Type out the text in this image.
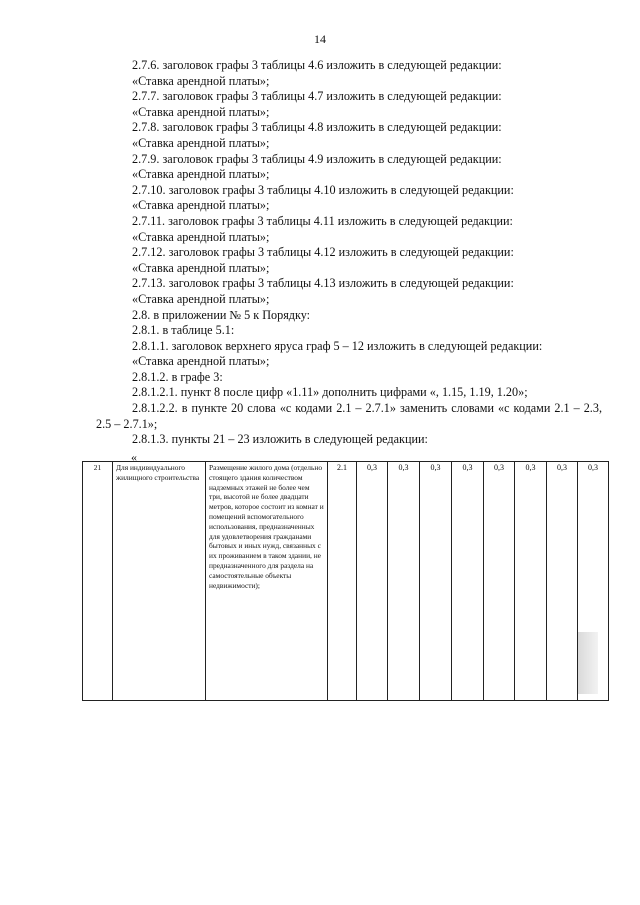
14

2.7.6. заголовок графы 3 таблицы 4.6 изложить в следующей редакции:

«Ставка арендной платы»;

2.7.7. заголовок графы 3 таблицы 4.7 изложить в следующей редакции:

«Ставка арендной платы»;

2.7.8. заголовок графы 3 таблицы 4.8 изложить в следующей редакции:

«Ставка арендной платы»;

2.7.9. заголовок графы 3 таблицы 4.9 изложить в следующей редакции:

«Ставка арендной платы»;

2.7.10. заголовок графы 3 таблицы 4.10 изложить в следующей редакции:

«Ставка арендной платы»;

2.7.11. заголовок графы 3 таблицы 4.11 изложить в следующей редакции:

«Ставка арендной платы»;

2.7.12. заголовок графы 3 таблицы 4.12 изложить в следующей редакции:

«Ставка арендной платы»;

2.7.13. заголовок графы 3 таблицы 4.13 изложить в следующей редакции:

«Ставка арендной платы»;

2.8. в приложении № 5 к Порядку:

2.8.1. в таблице 5.1:

2.8.1.1. заголовок верхнего яруса граф 5 – 12 изложить в следующей редакции:

«Ставка арендной платы»;

2.8.1.2. в графе 3:

2.8.1.2.1. пункт 8 после цифр «1.11» дополнить цифрами «, 1.15, 1.19, 1.20»;

2.8.1.2.2. в пункте 20 слова «с кодами 2.1 – 2.7.1» заменить словами «с кодами 2.1 – 2.3, 2.5 – 2.7.1»;

2.8.1.3. пункты 21 – 23 изложить в следующей редакции:

«
21	Для индивидуального жилищного строительства	Размещение жилого дома (отдельно стоящего здания количеством надземных этажей не более чем три, высотой не более двадцати метров, которое состоит из комнат и помещений вспомогательного использования, предназначенных для удовлетворения гражданами бытовых и иных нужд, связанных с их проживанием в таком здании, не предназначенного для раздела на самостоятельные объекты недвижимости);	2.1	0,3	0,3	0,3	0,3	0,3	0,3	0,3	0,3
